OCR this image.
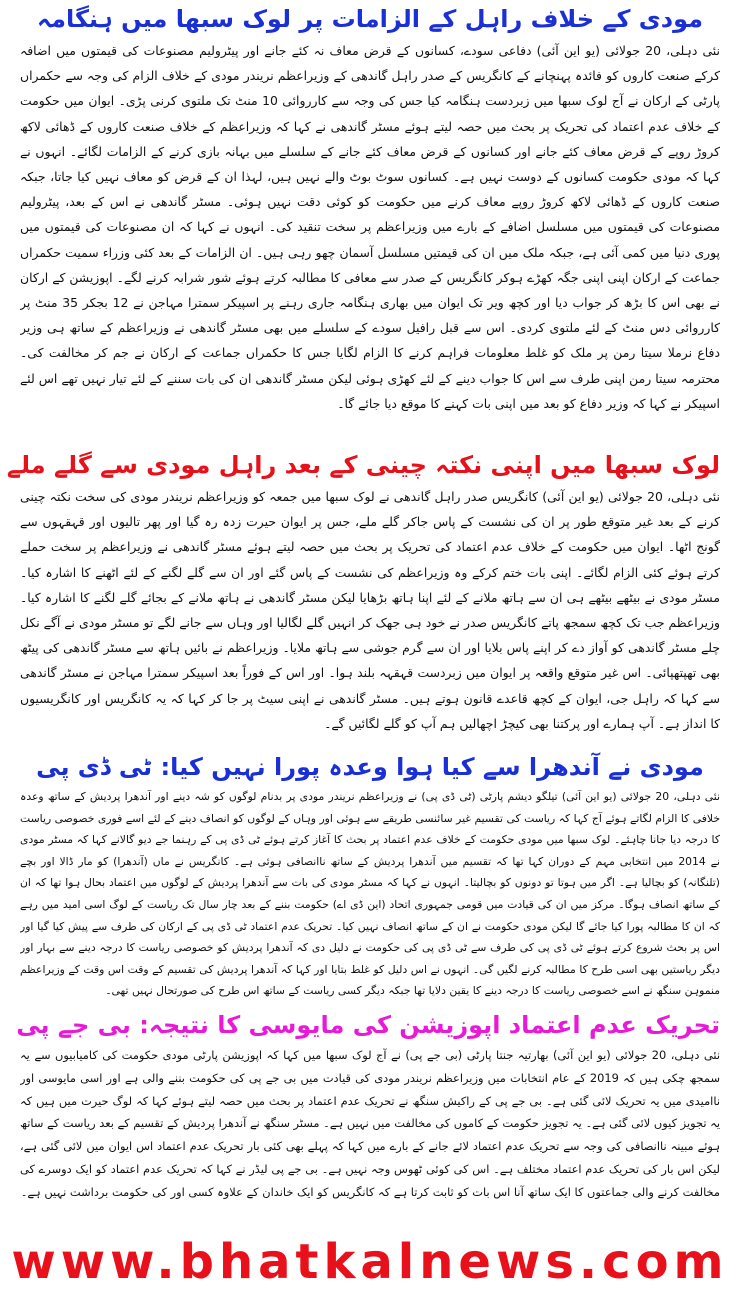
مودی کے خلاف راہل کے الزامات پر لوک سبھا میں ہنگامہ

نئی دہلی، 20 جولائی (یو این آئی) دفاعی سودے، کسانوں کے قرض معاف نہ کئے جانے اور پیٹرولیم مصنوعات کی قیمتوں میں اضافہ کرکے صنعت کاروں کو فائدہ پہنچانے کے کانگریس کے صدر راہل گاندھی کے وزیراعظم نریندر مودی کے خلاف الزام کی وجہ سے حکمراں پارٹی کے ارکان نے آج لوک سبھا میں زبردست ہنگامہ کیا جس کی وجہ سے کارروائی 10 منٹ تک ملتوی کرنی پڑی۔ ایوان میں حکومت کے خلاف عدم اعتماد کی تحریک پر بحث میں حصہ لیتے ہوئے مسٹر گاندھی نے کہا کہ وزیراعظم کے خلاف صنعت کاروں کے ڈھائی لاکھ کروڑ روپے کے قرض معاف کئے جانے اور کسانوں کے قرض معاف کئے جانے کے سلسلے میں بہانہ بازی کرنے کے الزامات لگائے۔ انہوں نے کہا کہ مودی حکومت کسانوں کے دوست نہیں ہے۔ کسانوں سوٹ بوٹ والے نہیں ہیں، لہذا ان کے قرض کو معاف نہیں کیا جاتا، جبکہ صنعت کاروں کے ڈھائی لاکھ کروڑ روپے معاف کرنے میں حکومت کو کوئی دقت نہیں ہوئی۔ مسٹر گاندھی نے اس کے بعد، پیٹرولیم مصنوعات کی قیمتوں میں مسلسل اضافے کے بارے میں وزیراعظم پر سخت تنقید کی۔ انہوں نے کہا کہ ان مصنوعات کی قیمتوں میں پوری دنیا میں کمی آئی ہے، جبکہ ملک میں ان کی قیمتیں مسلسل آسمان چھو رہی ہیں۔ ان الزامات کے بعد کئی وزراء سمیت حکمراں جماعت کے ارکان اپنی اپنی جگہ کھڑے ہوکر کانگریس کے صدر سے معافی کا مطالبہ کرتے ہوئے شور شرابہ کرنے لگے۔ اپوزیشن کے ارکان نے بھی اس کا بڑھ کر جواب دیا اور کچھ ویر تک ایوان میں بھاری ہنگامہ جاری رہنے پر اسپیکر سمترا مہاجن نے 12 بجکر 35 منٹ پر کارروائی دس منٹ کے لئے ملتوی کردی۔ اس سے قبل رافیل سودے کے سلسلے میں بھی مسٹر گاندھی نے وزیراعظم کے ساتھ ہی وزیر دفاع نرملا سیتا رمن پر ملک کو غلط معلومات فراہم کرنے کا الزام لگایا جس کا حکمراں جماعت کے ارکان نے جم کر مخالفت کی۔ محترمہ سیتا رمن اپنی طرف سے اس کا جواب دینے کے لئے کھڑی ہوئی لیکن مسٹر گاندھی ان کی بات سننے کے لئے تیار نہیں تھے اس لئے اسپیکر نے کہا کہ وزیر دفاع کو بعد میں اپنی بات کہنے کا موقع دیا جائے گا۔

لوک سبھا میں اپنی نکتہ چینی کے بعد راہل مودی سے گلے ملے

نئی دہلی، 20 جولائی (یو این آئی) کانگریس صدر راہل گاندھی نے لوک سبھا میں جمعہ کو وزیراعظم نریندر مودی کی سخت نکتہ چینی کرنے کے بعد غیر متوقع طور پر ان کی نشست کے پاس جاکر گلے ملے، جس پر ایوان حیرت زدہ رہ گیا اور پھر تالیوں اور قہقہوں سے گونج اٹھا۔ ایوان میں حکومت کے خلاف عدم اعتماد کی تحریک پر بحث میں حصہ لیتے ہوئے مسٹر گاندھی نے وزیراعظم پر سخت حملے کرتے ہوئے کئی الزام لگائے۔ اپنی بات ختم کرکے وہ وزیراعظم کی نشست کے پاس گئے اور ان سے گلے لگنے کے لئے اٹھنے کا اشارہ کیا۔ مسٹر مودی نے بیٹھے بیٹھے ہی ان سے ہاتھ ملانے کے لئے اپنا ہاتھ بڑھایا لیکن مسٹر گاندھی نے ہاتھ ملانے کے بجائے گلے لگنے کا اشارہ کیا۔ وزیراعظم جب تک کچھ سمجھ پاتے کانگریس صدر نے خود ہی جھک کر انہیں گلے لگالیا اور وہاں سے جانے لگے تو مسٹر مودی نے آگے نکل چلے مسٹر گاندھی کو آواز دے کر اپنے پاس بلایا اور ان سے گرم جوشی سے ہاتھ ملایا۔ وزیراعظم نے بائیں ہاتھ سے مسٹر گاندھی کی پیٹھ بھی تھپتھپائی۔ اس غیر متوقع واقعہ پر ایوان میں زبردست قہقہہ بلند ہوا۔ اور اس کے فوراً بعد اسپیکر سمترا مہاجن نے مسٹر گاندھی سے کہا کہ راہل جی، ایوان کے کچھ قاعدے قانون ہوتے ہیں۔ مسٹر گاندھی نے اپنی سیٹ پر جا کر کہا کہ یہ کانگریس اور کانگریسیوں کا انداز ہے۔ آپ ہمارے اور پرکتنا بھی کیچڑ اچھالیں ہم آپ کو گلے لگائیں گے۔

مودی نے آندھرا سے کیا ہوا وعدہ پورا نہیں کیا: ٹی ڈی پی

نئی دہلی، 20 جولائی (یو این آئی) تیلگو دیشم پارٹی (ٹی ڈی پی) نے وزیراعظم نریندر مودی پر بدنام لوگوں کو شہ دینے اور آندھرا پردیش کے ساتھ وعدہ خلافی کا الزام لگاتے ہوئے آج کہا کہ ریاست کی تقسیم غیر سائنسی طریقے سے ہوئی اور وہاں کے لوگوں کو انصاف دینے کے لئے اسے فوری خصوصی ریاست کا درجہ دیا جانا چاہئے۔ لوک سبھا میں مودی حکومت کے خلاف عدم اعتماد پر بحث کا آغاز کرتے ہوئے ٹی ڈی پی کے رہنما جے دیو گالانے کہا کہ مسٹر مودی نے 2014 میں انتخابی مہم کے دوران کہا تھا کہ تقسیم میں آندھرا پردیش کے ساتھ ناانصافی ہوئی ہے۔ کانگریس نے ماں (آندھرا) کو مار ڈالا اور بچے (تلنگانہ) کو بچالیا ہے۔ اگر میں ہوتا تو دونوں کو بچالیتا۔ انہوں نے کہا کہ مسٹر مودی کی بات سے آندھرا پردیش کے لوگوں میں اعتماد بحال ہوا تھا کہ ان کے ساتھ انصاف ہوگا۔ مرکز میں ان کی قیادت میں قومی جمہوری اتحاد (این ڈی اے) حکومت بننے کے بعد چار سال تک ریاست کے لوگ اسی امید میں رہے کہ ان کا مطالبہ پورا کیا جائے گا لیکن مودی حکومت نے ان کے ساتھ انصاف نہیں کیا۔ تحریک عدم اعتماد ٹی ڈی پی کے ارکان کی طرف سے پیش کیا گیا اور اس پر بحث شروع کرتے ہوئے ٹی ڈی پی کی طرف سے ٹی ڈی پی کی حکومت نے دلیل دی کہ آندھرا پردیش کو خصوصی ریاست کا درجہ دینے سے بہار اور دیگر ریاستیں بھی اسی طرح کا مطالبہ کرنے لگیں گی۔ انہوں نے اس دلیل کو غلط بتایا اور کہا کہ آندھرا پردیش کی تقسیم کے وقت اس وقت کے وزیراعظم منموہن سنگھ نے اسے خصوصی ریاست کا درجہ دینے کا یقین دلایا تھا جبکہ دیگر کسی ریاست کے ساتھ اس طرح کی صورتحال نہیں تھی۔

تحریک عدم اعتماد اپوزیشن کی مایوسی کا نتیجہ: بی جے پی

نئی دہلی، 20 جولائی (یو این آئی) بھارتیہ جنتا پارٹی (بی جے پی) نے آج لوک سبھا میں کہا کہ اپوزیشن پارٹی مودی حکومت کی کامیابیوں سے یہ سمجھ چکی ہیں کہ 2019 کے عام انتخابات میں وزیراعظم نریندر مودی کی قیادت میں بی جے پی کی حکومت بننے والی ہے اور اسی مایوسی اور ناامیدی میں یہ تحریک لائی گئی ہے۔ بی جے پی کے راکیش سنگھ نے تحریک عدم اعتماد پر بحث میں حصہ لیتے ہوئے کہا کہ لوگ حیرت میں ہیں کہ یہ تجویز کیوں لائی گئی ہے۔ یہ تجویز حکومت کے کاموں کی مخالفت میں نہیں ہے۔ مسٹر سنگھ نے آندھرا پردیش کے تقسیم کے بعد ریاست کے ساتھ ہوئے مبینہ ناانصافی کی وجہ سے تحریک عدم اعتماد لائے جانے کے بارے میں کہا کہ پہلے بھی کئی بار تحریک عدم اعتماد اس ایوان میں لائی گئی ہے، لیکن اس بار کی تحریک عدم اعتماد مختلف ہے۔ اس کی کوئی ٹھوس وجہ نہیں ہے۔ بی جے پی لیڈر نے کہا کہ تحریک عدم اعتماد کو ایک دوسرے کی مخالفت کرنے والی جماعتوں کا ایک ساتھ آنا اس بات کو ثابت کرتا ہے کہ کانگریس کو ایک خاندان کے علاوہ کسی اور کی حکومت برداشت نہیں ہے۔

www.bhatkalnews.com
